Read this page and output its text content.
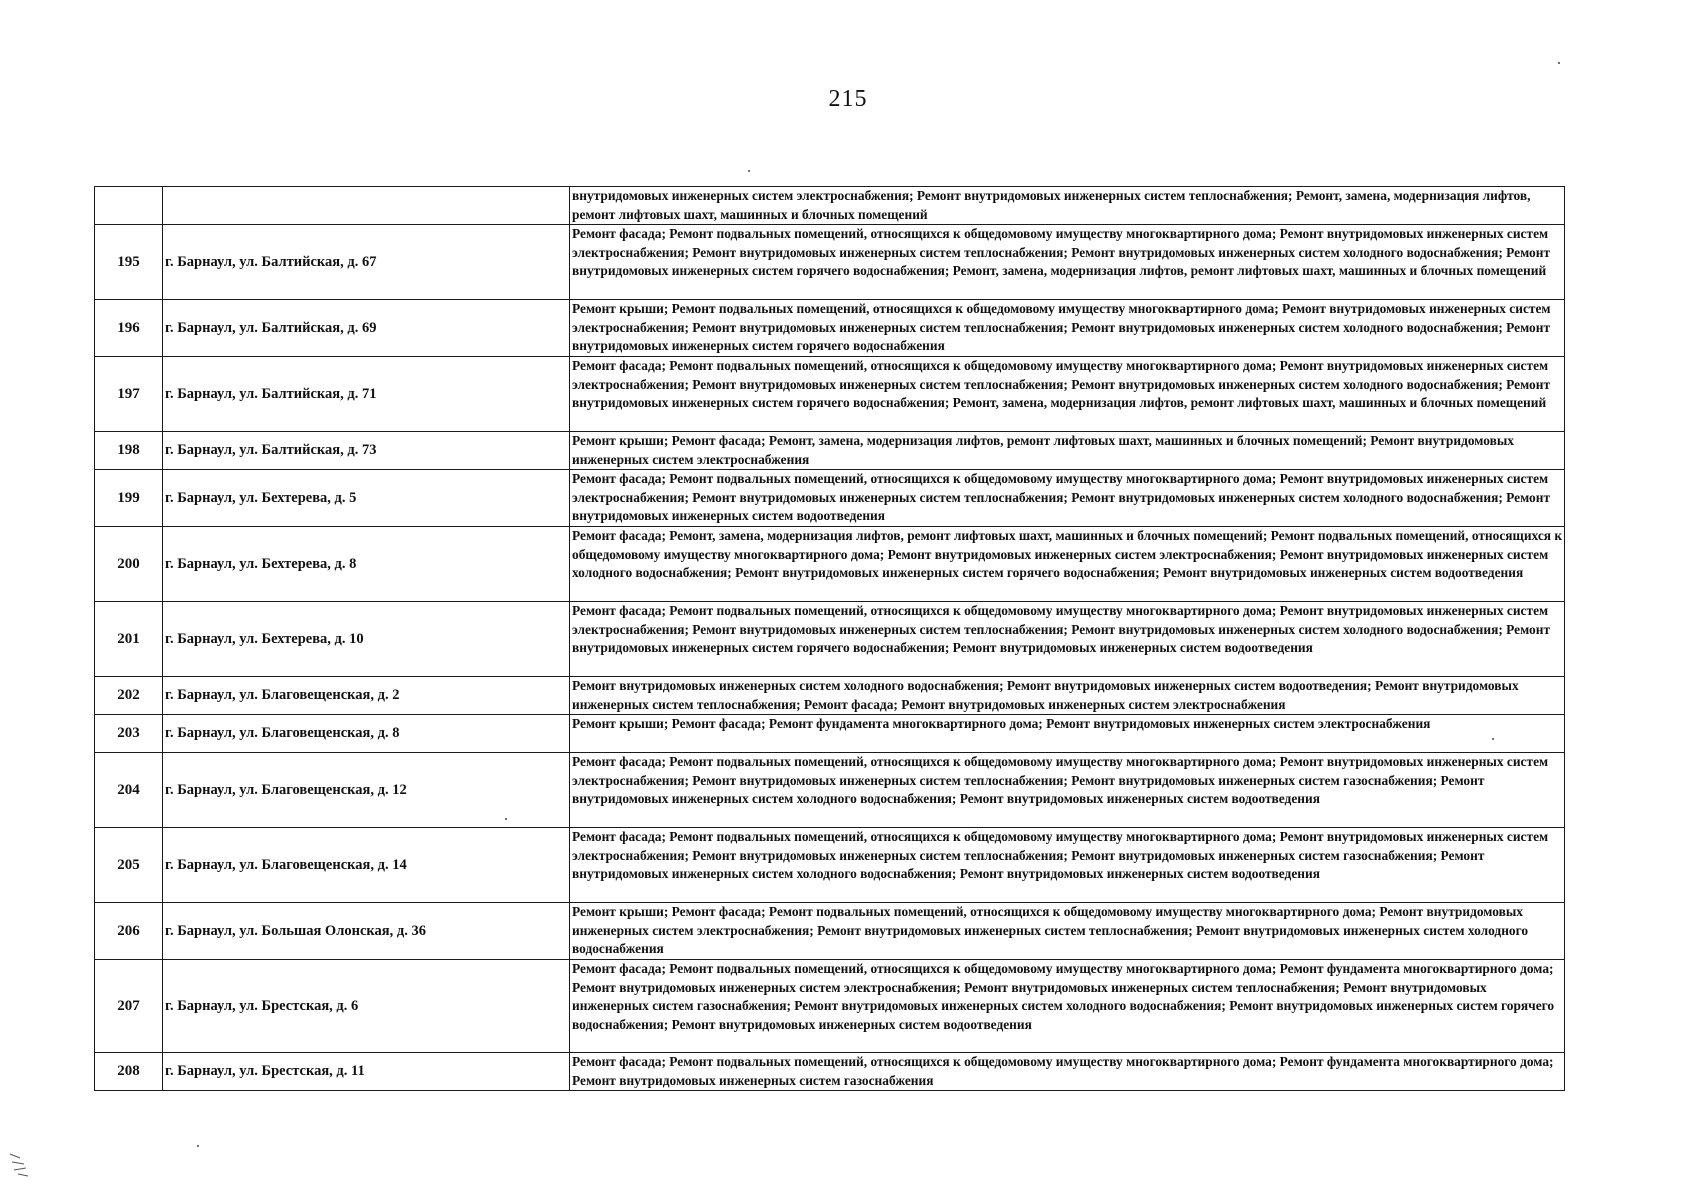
215
		внутридомовых инженерных систем электроснабжения; Ремонт внутридомовых инженерных систем теплоснабжения; Ремонт, замена, модернизация лифтов, ремонт лифтовых шахт, машинных и блочных помещений
195	г. Барнаул, ул. Балтийская, д. 67	Ремонт фасада; Ремонт подвальных помещений, относящихся к общедомовому имуществу многоквартирного дома; Ремонт внутридомовых инженерных систем электроснабжения; Ремонт внутридомовых инженерных систем теплоснабжения; Ремонт внутридомовых инженерных систем холодного водоснабжения; Ремонт внутридомовых инженерных систем горячего водоснабжения; Ремонт, замена, модернизация лифтов, ремонт лифтовых шахт, машинных и блочных помещений
196	г. Барнаул, ул. Балтийская, д. 69	Ремонт крыши; Ремонт подвальных помещений, относящихся к общедомовому имуществу многоквартирного дома; Ремонт внутридомовых инженерных систем электроснабжения; Ремонт внутридомовых инженерных систем теплоснабжения; Ремонт внутридомовых инженерных систем холодного водоснабжения; Ремонт внутридомовых инженерных систем горячего водоснабжения
197	г. Барнаул, ул. Балтийская, д. 71	Ремонт фасада; Ремонт подвальных помещений, относящихся к общедомовому имуществу многоквартирного дома; Ремонт внутридомовых инженерных систем электроснабжения; Ремонт внутридомовых инженерных систем теплоснабжения; Ремонт внутридомовых инженерных систем холодного водоснабжения; Ремонт внутридомовых инженерных систем горячего водоснабжения; Ремонт, замена, модернизация лифтов, ремонт лифтовых шахт, машинных и блочных помещений
198	г. Барнаул, ул. Балтийская, д. 73	Ремонт крыши; Ремонт фасада; Ремонт, замена, модернизация лифтов, ремонт лифтовых шахт, машинных и блочных помещений; Ремонт внутридомовых инженерных систем электроснабжения
199	г. Барнаул, ул. Бехтерева, д. 5	Ремонт фасада; Ремонт подвальных помещений, относящихся к общедомовому имуществу многоквартирного дома; Ремонт внутридомовых инженерных систем электроснабжения; Ремонт внутридомовых инженерных систем теплоснабжения; Ремонт внутридомовых инженерных систем холодного водоснабжения; Ремонт внутридомовых инженерных систем водоотведения
200	г. Барнаул, ул. Бехтерева, д. 8	Ремонт фасада; Ремонт, замена, модернизация лифтов, ремонт лифтовых шахт, машинных и блочных помещений; Ремонт подвальных помещений, относящихся к общедомовому имуществу многоквартирного дома; Ремонт внутридомовых инженерных систем электроснабжения; Ремонт внутридомовых инженерных систем холодного водоснабжения; Ремонт внутридомовых инженерных систем горячего водоснабжения; Ремонт внутридомовых инженерных систем водоотведения
201	г. Барнаул, ул. Бехтерева, д. 10	Ремонт фасада; Ремонт подвальных помещений, относящихся к общедомовому имуществу многоквартирного дома; Ремонт внутридомовых инженерных систем электроснабжения; Ремонт внутридомовых инженерных систем теплоснабжения; Ремонт внутридомовых инженерных систем холодного водоснабжения; Ремонт внутридомовых инженерных систем горячего водоснабжения; Ремонт внутридомовых инженерных систем водоотведения
202	г. Барнаул, ул. Благовещенская, д. 2	Ремонт внутридомовых инженерных систем холодного водоснабжения; Ремонт внутридомовых инженерных систем водоотведения; Ремонт внутридомовых инженерных систем теплоснабжения; Ремонт фасада; Ремонт внутридомовых инженерных систем электроснабжения
203	г. Барнаул, ул. Благовещенская, д. 8	Ремонт крыши; Ремонт фасада; Ремонт фундамента многоквартирного дома; Ремонт внутридомовых инженерных систем электроснабжения
204	г. Барнаул, ул. Благовещенская, д. 12	Ремонт фасада; Ремонт подвальных помещений, относящихся к общедомовому имуществу многоквартирного дома; Ремонт внутридомовых инженерных систем электроснабжения; Ремонт внутридомовых инженерных систем теплоснабжения; Ремонт внутридомовых инженерных систем газоснабжения; Ремонт внутридомовых инженерных систем холодного водоснабжения; Ремонт внутридомовых инженерных систем водоотведения
205	г. Барнаул, ул. Благовещенская, д. 14	Ремонт фасада; Ремонт подвальных помещений, относящихся к общедомовому имуществу многоквартирного дома; Ремонт внутридомовых инженерных систем электроснабжения; Ремонт внутридомовых инженерных систем теплоснабжения; Ремонт внутридомовых инженерных систем газоснабжения; Ремонт внутридомовых инженерных систем холодного водоснабжения; Ремонт внутридомовых инженерных систем водоотведения
206	г. Барнаул, ул. Большая Олонская, д. 36	Ремонт крыши; Ремонт фасада; Ремонт подвальных помещений, относящихся к общедомовому имуществу многоквартирного дома; Ремонт внутридомовых инженерных систем электроснабжения; Ремонт внутридомовых инженерных систем теплоснабжения; Ремонт внутридомовых инженерных систем холодного водоснабжения
207	г. Барнаул, ул. Брестская, д. 6	Ремонт фасада; Ремонт подвальных помещений, относящихся к общедомовому имуществу многоквартирного дома; Ремонт фундамента многоквартирного дома; Ремонт внутридомовых инженерных систем электроснабжения; Ремонт внутридомовых инженерных систем теплоснабжения; Ремонт внутридомовых инженерных систем газоснабжения; Ремонт внутридомовых инженерных систем холодного водоснабжения; Ремонт внутридомовых инженерных систем горячего водоснабжения; Ремонт внутридомовых инженерных систем водоотведения
208	г. Барнаул, ул. Брестская, д. 11	Ремонт фасада; Ремонт подвальных помещений, относящихся к общедомовому имуществу многоквартирного дома; Ремонт фундамента многоквартирного дома; Ремонт внутридомовых инженерных систем газоснабжения
